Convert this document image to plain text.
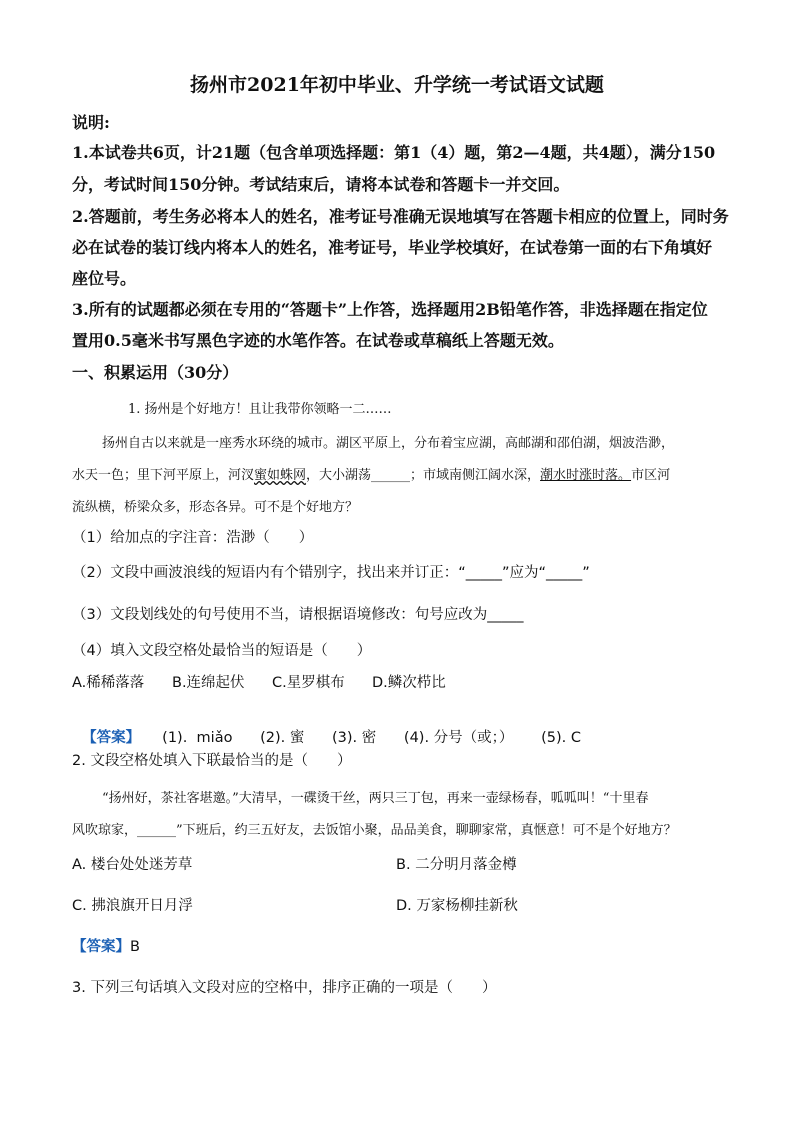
扬州市2021年初中毕业、升学统一考试语文试题
说明:
1.本试卷共6页，计21题（包含单项选择题：第1（4）题，第2—4题，共4题），满分150
分，考试时间150分钟。考试结束后，请将本试卷和答题卡一并交回。
2.答题前，考生务必将本人的姓名，准考证号准确无误地填写在答题卡相应的位置上，同时务
必在试卷的装订线内将本人的姓名，准考证号，毕业学校填好，在试卷第一面的右下角填好
座位号。
3.所有的试题都必须在专用的“答题卡”上作答，选择题用2B铅笔作答，非选择题在指定位
置用0.5毫米书写黑色字迹的水笔作答。在试卷或草稿纸上答题无效。
一、积累运用（30分）
1. 扬州是个好地方！且让我带你领略一二……
扬州自古以来就是一座秀水环绕的城市。湖区平原上，分布着宝应湖，高邮湖和邵伯湖，烟波浩渺，
水天一色；里下河平原上，河汊蜜如蛛网，大小湖荡______；市域南侧江阔水深，潮水时涨时落。市区河
流纵横，桥梁众多，形态各异。可不是个好地方？
（1）给加点的字注音：浩渺（　　）
（2）文段中画波浪线的短语内有个错别字，找出来并订正：“_____”应为“_____”
（3）文段划线处的句号使用不当，请根据语境修改：句号应改为_____
（4）填入文段空格处最恰当的短语是（　　）
A.稀稀落落 B.连绵起伏 C.星罗棋布 D.鳞次栉比

【答案】 (1).  miǎo      (2). 蜜      (3). 密      (4). 分号（或；）      (5). C

2. 文段空格处填入下联最恰当的是（　　）
“扬州好，茶社客堪邀。”大清早，一碟烫干丝，两只三丁包，再来一壶绿杨春，呱呱叫！“十里春
风吹琼家，______”下班后，约三五好友，去饭馆小聚，品品美食，聊聊家常，真惬意！可不是个好地方？
A. 楼台处处迷芳草	B. 二分明月落金樽
C. 拂浪旗开日月浮	D. 万家杨柳挂新秋
【答案】B
3. 下列三句话填入文段对应的空格中，排序正确的一项是（　　）
